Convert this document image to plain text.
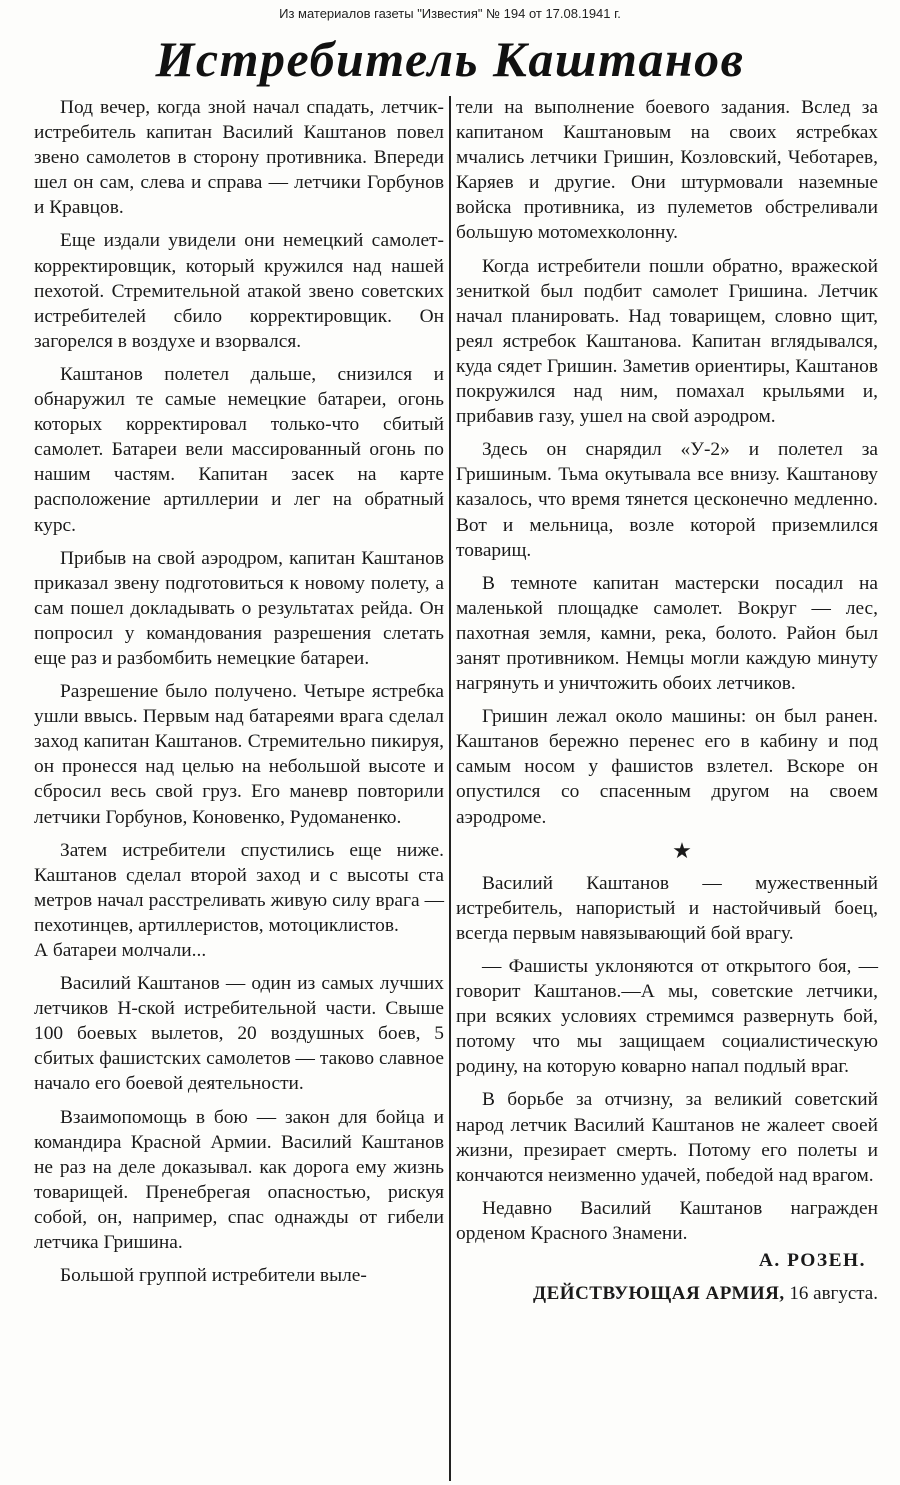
Из материалов газеты "Известия" № 194 от 17.08.1941 г.
Истребитель Каштанов

Под вечер, когда зной начал спадать, летчик-истребитель капитан Василий Каштанов повел звено самолетов в сторону противника. Впереди шел он сам, слева и справа — летчики Горбунов и Кравцов.

Еще издали увидели они немецкий самолет-корректировщик, который кружился над нашей пехотой. Стремительной атакой звено советских истребителей сбило корректировщик. Он загорелся в воздухе и взорвался.

Каштанов полетел дальше, снизился и обнаружил те самые немецкие батареи, огонь которых корректировал только-что сбитый самолет. Батареи вели массированный огонь по нашим частям. Капитан засек на карте расположение артиллерии и лег на обратный курс.

Прибыв на свой аэродром, капитан Каштанов приказал звену подготовиться к новому полету, а сам пошел докладывать о результатах рейда. Он попросил у командования разрешения слетать еще раз и разбомбить немецкие батареи.

Разрешение было получено. Четыре ястребка ушли ввысь. Первым над батареями врага сделал заход капитан Каштанов. Стремительно пикируя, он пронесся над целью на небольшой высоте и сбросил весь свой груз. Его маневр повторили летчики Горбунов, Коновенко, Рудоманенко.

Затем истребители спустились еще ниже. Каштанов сделал второй заход и с высоты ста метров начал расстреливать живую силу врага — пехотинцев, артиллеристов, мотоциклистов.

А батареи молчали...

Василий Каштанов — один из самых лучших летчиков Н-ской истребительной части. Свыше 100 боевых вылетов, 20 воздушных боев, 5 сбитых фашистских самолетов — таково славное начало его боевой деятельности.

Взаимопомощь в бою — закон для бойца и командира Красной Армии. Василий Каштанов не раз на деле доказывал. как дорога ему жизнь товарищей. Пренебрегая опасностью, рискуя собой, он, например, спас однажды от гибели летчика Гришина.

Большой группой истребители выле-

тели на выполнение боевого задания. Вслед за капитаном Каштановым на своих ястребках мчались летчики Гришин, Козловский, Чеботарев, Каряев и другие. Они штурмовали наземные войска противника, из пулеметов обстреливали большую мотомехколонну.

Когда истребители пошли обратно, вражеской зениткой был подбит самолет Гришина. Летчик начал планировать. Над товарищем, словно щит, реял ястребок Каштанова. Капитан вглядывался, куда сядет Гришин. Заметив ориентиры, Каштанов покружился над ним, помахал крыльями и, прибавив газу, ушел на свой аэродром.

Здесь он снарядил «У-2» и полетел за Гришиным. Тьма окутывала все внизу. Каштанову казалось, что время тянется цесконечно медленно. Вот и мельница, возле которой приземлился товарищ.

В темноте капитан мастерски посадил на маленькой площадке самолет. Вокруг — лес, пахотная земля, камни, река, болото. Район был занят противником. Немцы могли каждую минуту нагрянуть и уничтожить обоих летчиков.

Гришин лежал около машины: он был ранен. Каштанов бережно перенес его в кабину и под самым носом у фашистов взлетел. Вскоре он опустился со спасенным другом на своем аэродроме.

★

Василий Каштанов — мужественный истребитель, напористый и настойчивый боец, всегда первым навязывающий бой врагу.

— Фашисты уклоняются от открытого боя, — говорит Каштанов.—А мы, советские летчики, при всяких условиях стремимся развернуть бой, потому что мы защищаем социалистическую родину, на которую коварно напал подлый враг.

В борьбе за отчизну, за великий советский народ летчик Василий Каштанов не жалеет своей жизни, презирает смерть. Потому его полеты и кончаются неизменно удачей, победой над врагом.

Недавно Василий Каштанов награжден орденом Красного Знамени.

А. РОЗЕН.

ДЕЙСТВУЮЩАЯ АРМИЯ, 16 августа.
